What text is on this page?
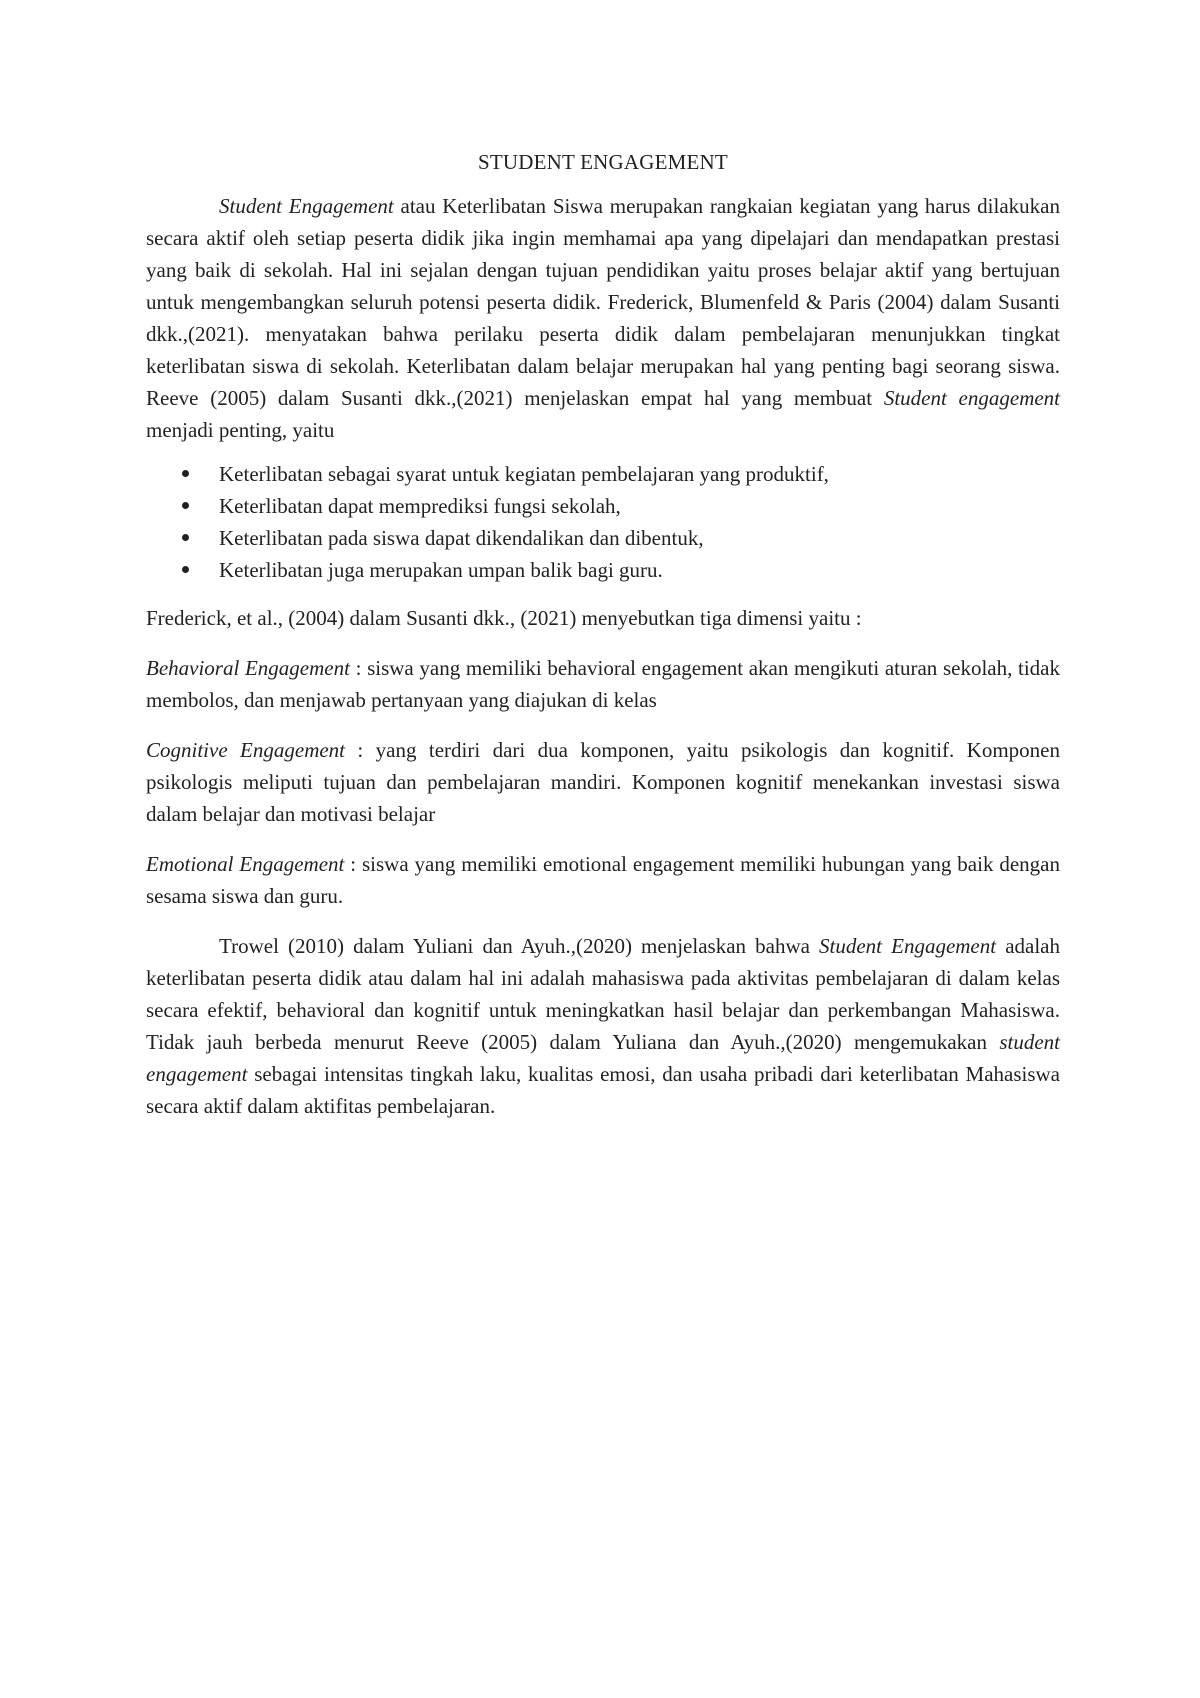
STUDENT ENGAGEMENT

Student Engagement atau Keterlibatan Siswa merupakan rangkaian kegiatan yang harus dilakukan secara aktif oleh setiap peserta didik jika ingin memhamai apa yang dipelajari dan mendapatkan prestasi yang baik di sekolah. Hal ini sejalan dengan tujuan pendidikan yaitu proses belajar aktif yang bertujuan untuk mengembangkan seluruh potensi peserta didik. Frederick, Blumenfeld & Paris (2004) dalam Susanti dkk.,(2021). menyatakan bahwa perilaku peserta didik dalam pembelajaran menunjukkan tingkat keterlibatan siswa di sekolah. Keterlibatan dalam belajar merupakan hal yang penting bagi seorang siswa. Reeve (2005) dalam Susanti dkk.,(2021) menjelaskan empat hal yang membuat Student engagement menjadi penting, yaitu

Keterlibatan sebagai syarat untuk kegiatan pembelajaran yang produktif,
Keterlibatan dapat memprediksi fungsi sekolah,
Keterlibatan pada siswa dapat dikendalikan dan dibentuk,
Keterlibatan juga merupakan umpan balik bagi guru.

Frederick, et al., (2004) dalam Susanti dkk., (2021) menyebutkan tiga dimensi yaitu :

Behavioral Engagement : siswa yang memiliki behavioral engagement akan mengikuti aturan sekolah, tidak membolos, dan menjawab pertanyaan yang diajukan di kelas

Cognitive Engagement : yang terdiri dari dua komponen, yaitu psikologis dan kognitif. Komponen psikologis meliputi tujuan dan pembelajaran mandiri. Komponen kognitif menekankan investasi siswa dalam belajar dan motivasi belajar

Emotional Engagement : siswa yang memiliki emotional engagement memiliki hubungan yang baik dengan sesama siswa dan guru.

Trowel (2010) dalam Yuliani dan Ayuh.,(2020) menjelaskan bahwa Student Engagement adalah keterlibatan peserta didik atau dalam hal ini adalah mahasiswa pada aktivitas pembelajaran di dalam kelas secara efektif, behavioral dan kognitif untuk meningkatkan hasil belajar dan perkembangan Mahasiswa. Tidak jauh berbeda menurut Reeve (2005) dalam Yuliana dan Ayuh.,(2020) mengemukakan student engagement sebagai intensitas tingkah laku, kualitas emosi, dan usaha pribadi dari keterlibatan Mahasiswa secara aktif dalam aktifitas pembelajaran.
